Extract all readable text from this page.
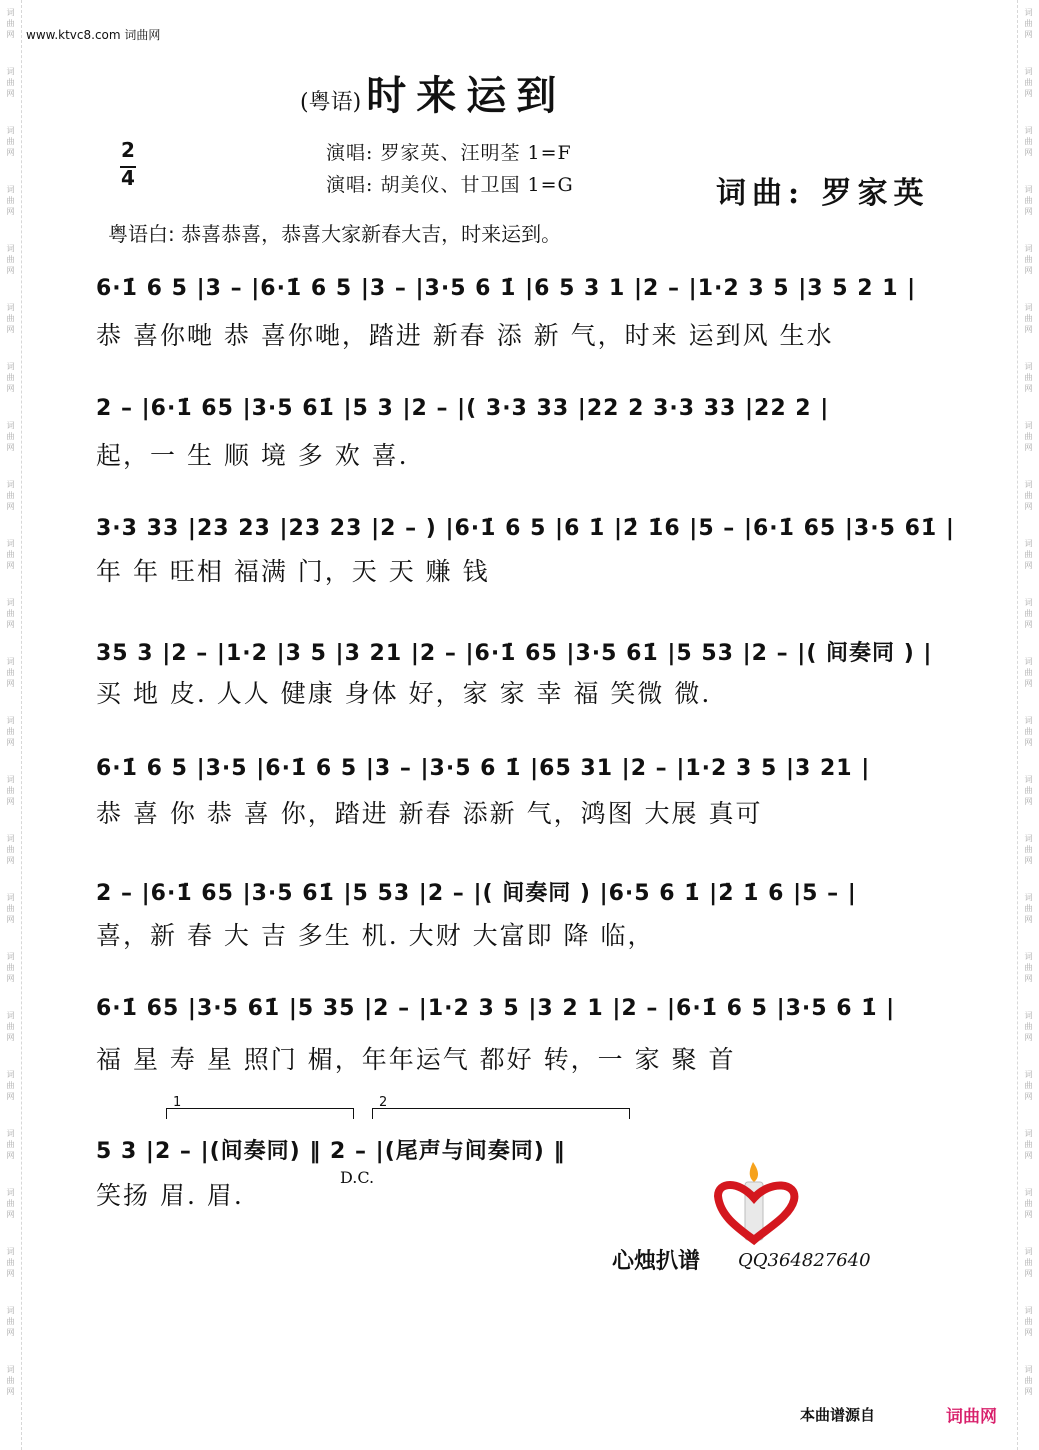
词
曲
网
词
曲
网
词
曲
网
词
曲
网
词
曲
网
词
曲
网
词
曲
网
词
曲
网
词
曲
网
词
曲
网
词
曲
网
词
曲
网
词
曲
网
词
曲
网
词
曲
网
词
曲
网
词
曲
网
词
曲
网
词
曲
网
词
曲
网
词
曲
网
词
曲
网
词
曲
网
词
曲
网
词
曲
网
词
曲
网
词
曲
网
词
曲
网
词
曲
网
词
曲
网
词
曲
网
词
曲
网
词
曲
网
词
曲
网
词
曲
网
词
曲
网
词
曲
网
词
曲
网
词
曲
网
词
曲
网
词
曲
网
词
曲
网
词
曲
网
词
曲
网
词
曲
网
词
曲
网
词
曲
网
词
曲
网
www.ktvc8.com 词曲网
(粤语) 时来运到
2
4
演唱: 罗家英、汪明荃 1=F
演唱: 胡美仪、甘卫国 1=G	词曲: 罗家英
粤语白: 恭喜恭喜，恭喜大家新春大吉，时来运到。
6·1̇ 6 5 |3 – |6·1̇ 6 5 |3 – |3·5 6 1̇ |6 5 3 1 |2 – |1·2 3 5 |3 5 2 1 |
恭 喜你哋 恭 喜你哋，踏进 新春 添 新 气，时来 运到风 生水
2 – |6·1̇ 65 |3·5 61̇ |5 3 |2 – |( 3·3 33 |22 2 3·3 33 |22 2 |
起，一 生 顺 境 多 欢 喜.
3·3 33 |23 23 |23 23 |2 – ) |6·1̇ 6 5 |6 1̇ |2̇ 1̇6 |5 – |6·1̇ 65 |3·5 61̇ |
年 年 旺相 福满 门，天 天 赚 钱
35 3 |2 – |1·2 |3 5 |3 21 |2 – |6·1̇ 65 |3·5 61̇ |5 53 |2 – |( 间奏同 ) |
买 地 皮. 人人 健康 身体 好，家 家 幸 福 笑微 微.
6·1̇ 6 5 |3·5 |6·1̇ 6 5 |3 – |3·5 6 1̇ |65 31 |2 – |1·2 3 5 |3 21 |
恭 喜 你 恭 喜 你，踏进 新春 添新 气，鸿图 大展 真可
2 – |6·1̇ 65 |3·5 61̇ |5 53 |2 – |( 间奏同 ) |6·5 6 1̇ |2̇ 1̇ 6 |5 – |
喜，新 春 大 吉 多生 机. 大财 大富即 降 临，
6·1̇ 65 |3·5 61̇ |5 35 |2 – |1·2 3 5 |3 2 1 |2 – |6·1̇ 6 5 |3·5 6 1̇ |
福 星 寿 星 照门 楣，年年运气 都好 转，一 家 聚 首
1	2
5 3 |2 – |(间奏同) ‖ 2 – |(尾声与间奏同) ‖
笑扬 眉. 眉.
D.C.
心烛扒谱 QQ364827640
本曲谱源自	词曲网
